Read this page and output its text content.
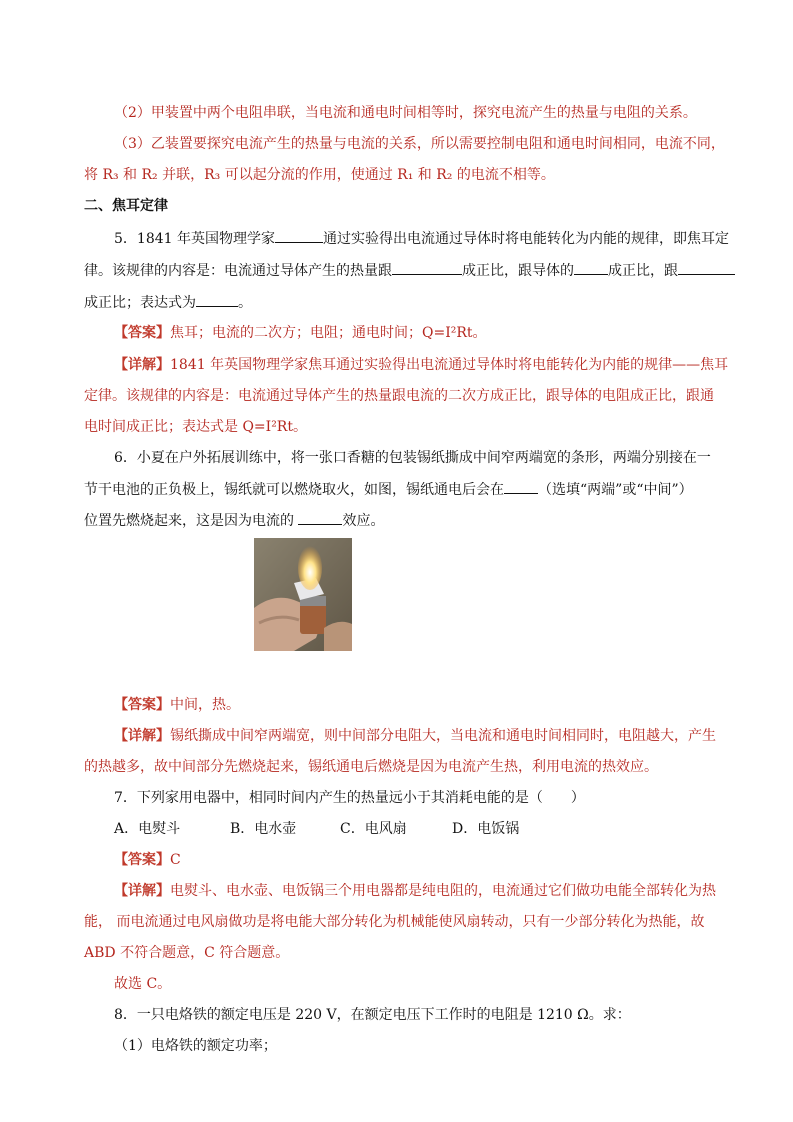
（2）甲装置中两个电阻串联，当电流和通电时间相等时，探究电流产生的热量与电阻的关系。
（3）乙装置要探究电流产生的热量与电流的关系，所以需要控制电阻和通电时间相同，电流不同，
将 R₃ 和 R₂ 并联，R₃ 可以起分流的作用，使通过 R₁ 和 R₂ 的电流不相等。
二、焦耳定律
5．1841 年英国物理学家	通过实验得出电流通过导体时将电能转化为内能的规律，即焦耳定
律。该规律的内容是：电流通过导体产生的热量跟	成正比，跟导体的 成正比，跟
成正比；表达式为	。
【答案】焦耳；电流的二次方；电阻；通电时间；Q=I²Rt。
【详解】1841 年英国物理学家焦耳通过实验得出电流通过导体时将电能转化为内能的规律——焦耳
定律。该规律的内容是：电流通过导体产生的热量跟电流的二次方成正比，跟导体的电阻成正比，跟通
电时间成正比；表达式是 Q=I²Rt。
6．小夏在户外拓展训练中，将一张口香糖的包装锡纸撕成中间窄两端宽的条形，两端分别接在一
节干电池的正负极上，锡纸就可以燃烧取火，如图，锡纸通电后会在 （选填“两端”或“中间”）
位置先燃烧起来，这是因为电流的	效应。
【答案】中间，热。
【详解】锡纸撕成中间窄两端宽，则中间部分电阻大，当电流和通电时间相同时，电阻越大，产生
的热越多，故中间部分先燃烧起来，锡纸通电后燃烧是因为电流产生热，利用电流的热效应。
7．下列家用电器中，相同时间内产生的热量远小于其消耗电能的是（　　）
A．电熨斗	B．电水壶	C．电风扇	D．电饭锅
【答案】C
【详解】电熨斗、电水壶、电饭锅三个用电器都是纯电阻的，电流通过它们做功电能全部转化为热
能， 而电流通过电风扇做功是将电能大部分转化为机械能使风扇转动，只有一少部分转化为热能，故
ABD 不符合题意，C 符合题意。
故选 C。
8．一只电烙铁的额定电压是 220 V，在额定电压下工作时的电阻是 1210 Ω。求：
（1）电烙铁的额定功率；
